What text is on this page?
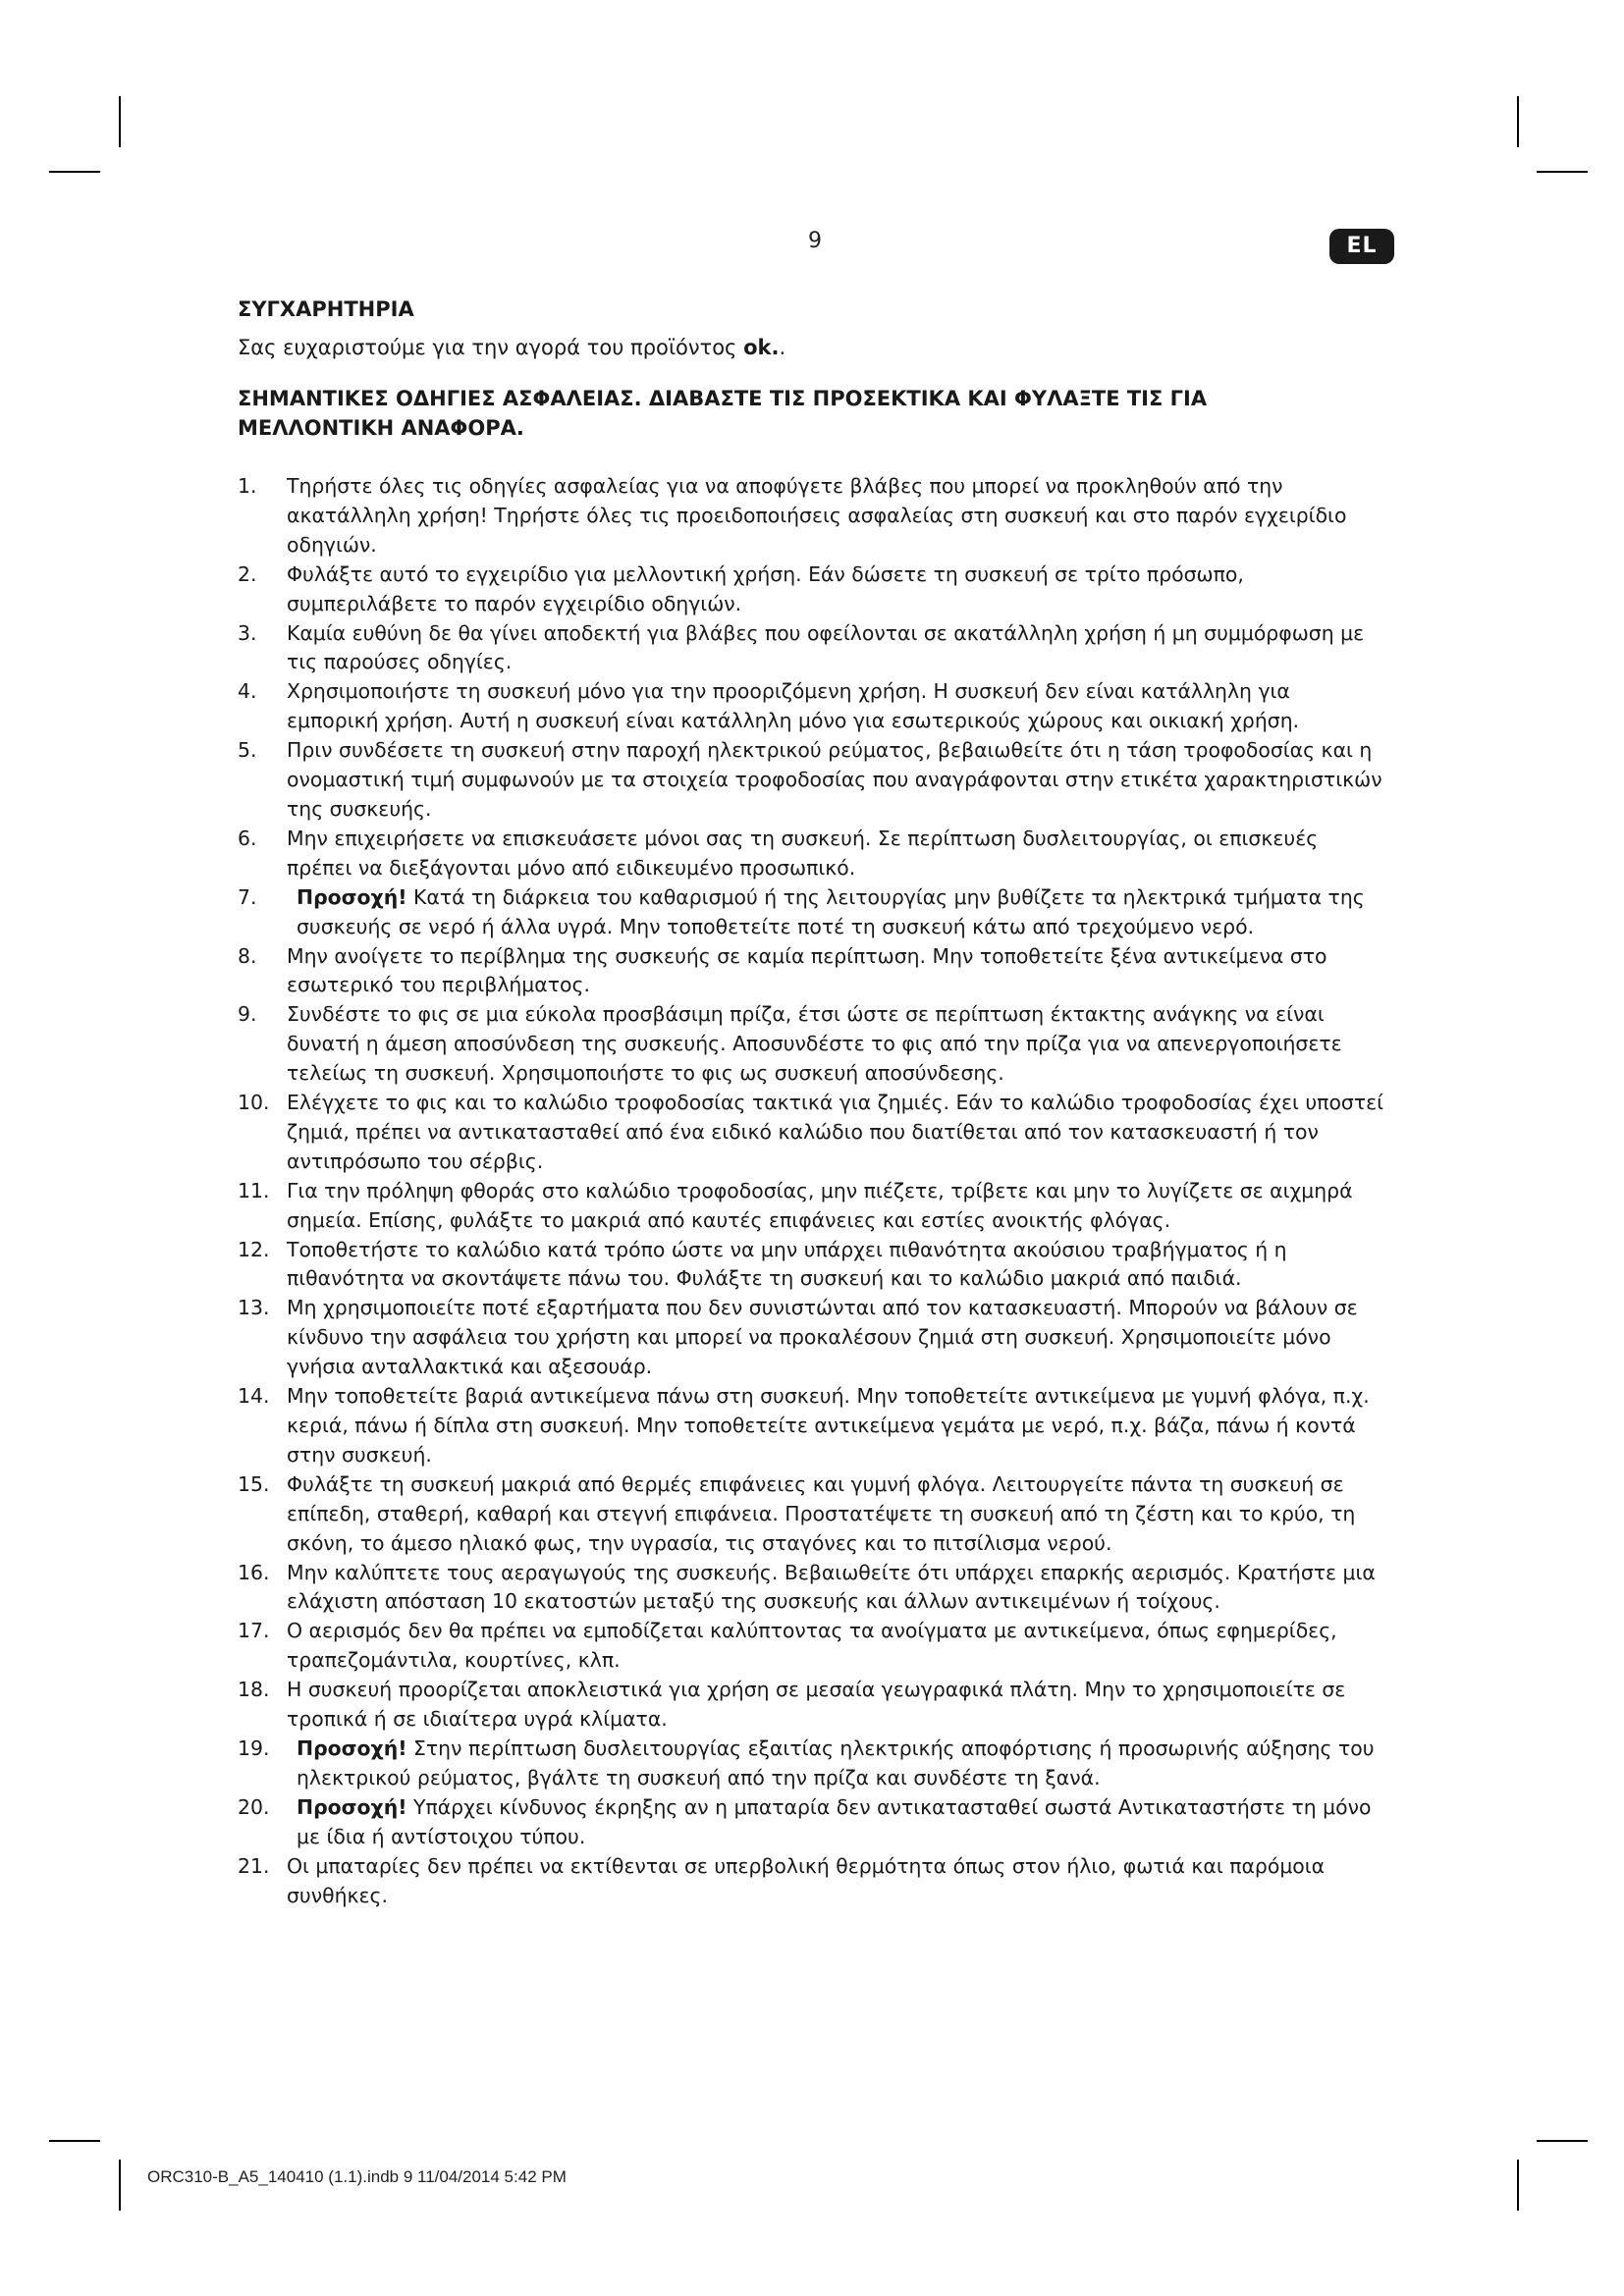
9	EL

ΣΥΓΧΑΡΗΤΗΡΙΑ

Σας ευχαριστούμε για την αγορά του προϊόντος ok..

ΣΗΜΑΝΤΙΚΕΣ ΟΔΗΓΙΕΣ ΑΣΦΑΛΕΙΑΣ. ΔΙΑΒΑΣΤΕ ΤΙΣ ΠΡΟΣΕΚΤΙΚΑ ΚΑΙ ΦΥΛΑΞΤΕ ΤΙΣ ΓΙΑ
ΜΕΛΛΟΝΤΙΚΗ ΑΝΑΦΟΡΑ.

1. Τηρήστε όλες τις οδηγίες ασφαλείας για να αποφύγετε βλάβες που μπορεί να προκληθούν από την ακατάλληλη χρήση! Τηρήστε όλες τις προειδοποιήσεις ασφαλείας στη συσκευή και στο παρόν εγχειρίδιο οδηγιών.
2. Φυλάξτε αυτό το εγχειρίδιο για μελλοντική χρήση. Εάν δώσετε τη συσκευή σε τρίτο πρόσωπο, συμπεριλάβετε το παρόν εγχειρίδιο οδηγιών.
3. Καμία ευθύνη δε θα γίνει αποδεκτή για βλάβες που οφείλονται σε ακατάλληλη χρήση ή μη συμμόρφωση με τις παρούσες οδηγίες.
4. Χρησιμοποιήστε τη συσκευή μόνο για την προοριζόμενη χρήση. Η συσκευή δεν είναι κατάλληλη για εμπορική χρήση. Αυτή η συσκευή είναι κατάλληλη μόνο για εσωτερικούς χώρους και οικιακή χρήση.
5. Πριν συνδέσετε τη συσκευή στην παροχή ηλεκτρικού ρεύματος, βεβαιωθείτε ότι η τάση τροφοδοσίας και η ονομαστική τιμή συμφωνούν με τα στοιχεία τροφοδοσίας που αναγράφονται στην ετικέτα χαρακτηριστικών της συσκευής.
6. Μην επιχειρήσετε να επισκευάσετε μόνοι σας τη συσκευή. Σε περίπτωση δυσλειτουργίας, οι επισκευές πρέπει να διεξάγονται μόνο από ειδικευμένο προσωπικό.
7. Προσοχή! Κατά τη διάρκεια του καθαρισμού ή της λειτουργίας μην βυθίζετε τα ηλεκτρικά τμήματα της συσκευής σε νερό ή άλλα υγρά. Μην τοποθετείτε ποτέ τη συσκευή κάτω από τρεχούμενο νερό.
8. Μην ανοίγετε το περίβλημα της συσκευής σε καμία περίπτωση. Μην τοποθετείτε ξένα αντικείμενα στο εσωτερικό του περιβλήματος.
9. Συνδέστε το φις σε μια εύκολα προσβάσιμη πρίζα, έτσι ώστε σε περίπτωση έκτακτης ανάγκης να είναι δυνατή η άμεση αποσύνδεση της συσκευής. Αποσυνδέστε το φις από την πρίζα για να απενεργοποιήσετε τελείως τη συσκευή. Χρησιμοποιήστε το φις ως συσκευή αποσύνδεσης.
10. Ελέγχετε το φις και το καλώδιο τροφοδοσίας τακτικά για ζημιές. Εάν το καλώδιο τροφοδοσίας έχει υποστεί ζημιά, πρέπει να αντικατασταθεί από ένα ειδικό καλώδιο που διατίθεται από τον κατασκευαστή ή τον αντιπρόσωπο του σέρβις.
11. Για την πρόληψη φθοράς στο καλώδιο τροφοδοσίας, μην πιέζετε, τρίβετε και μην το λυγίζετε σε αιχμηρά σημεία. Επίσης, φυλάξτε το μακριά από καυτές επιφάνειες και εστίες ανοικτής φλόγας.
12. Τοποθετήστε το καλώδιο κατά τρόπο ώστε να μην υπάρχει πιθανότητα ακούσιου τραβήγματος ή η πιθανότητα να σκοντάψετε πάνω του. Φυλάξτε τη συσκευή και το καλώδιο μακριά από παιδιά.
13. Μη χρησιμοποιείτε ποτέ εξαρτήματα που δεν συνιστώνται από τον κατασκευαστή. Μπορούν να βάλουν σε κίνδυνο την ασφάλεια του χρήστη και μπορεί να προκαλέσουν ζημιά στη συσκευή. Χρησιμοποιείτε μόνο γνήσια ανταλλακτικά και αξεσουάρ.
14. Μην τοποθετείτε βαριά αντικείμενα πάνω στη συσκευή. Μην τοποθετείτε αντικείμενα με γυμνή φλόγα, π.χ. κεριά, πάνω ή δίπλα στη συσκευή. Μην τοποθετείτε αντικείμενα γεμάτα με νερό, π.χ. βάζα, πάνω ή κοντά στην συσκευή.
15. Φυλάξτε τη συσκευή μακριά από θερμές επιφάνειες και γυμνή φλόγα. Λειτουργείτε πάντα τη συσκευή σε επίπεδη, σταθερή, καθαρή και στεγνή επιφάνεια. Προστατέψετε τη συσκευή από τη ζέστη και το κρύο, τη σκόνη, το άμεσο ηλιακό φως, την υγρασία, τις σταγόνες και το πιτσίλισμα νερού.
16. Μην καλύπτετε τους αεραγωγούς της συσκευής. Βεβαιωθείτε ότι υπάρχει επαρκής αερισμός. Κρατήστε μια ελάχιστη απόσταση 10 εκατοστών μεταξύ της συσκευής και άλλων αντικειμένων ή τοίχους.
17. Ο αερισμός δεν θα πρέπει να εμποδίζεται καλύπτοντας τα ανοίγματα με αντικείμενα, όπως εφημερίδες, τραπεζομάντιλα, κουρτίνες, κλπ.
18. Η συσκευή προορίζεται αποκλειστικά για χρήση σε μεσαία γεωγραφικά πλάτη. Μην το χρησιμοποιείτε σε τροπικά ή σε ιδιαίτερα υγρά κλίματα.
19. Προσοχή! Στην περίπτωση δυσλειτουργίας εξαιτίας ηλεκτρικής αποφόρτισης ή προσωρινής αύξησης του ηλεκτρικού ρεύματος, βγάλτε τη συσκευή από την πρίζα και συνδέστε τη ξανά.
20. Προσοχή! Υπάρχει κίνδυνος έκρηξης αν η μπαταρία δεν αντικατασταθεί σωστά Αντικαταστήστε τη μόνο με ίδια ή αντίστοιχου τύπου.
21. Οι μπαταρίες δεν πρέπει να εκτίθενται σε υπερβολική θερμότητα όπως στον ήλιο, φωτιά και παρόμοια συνθήκες.
ORC310-B_A5_140410 (1.1).indb 9 11/04/2014 5:42 PM
